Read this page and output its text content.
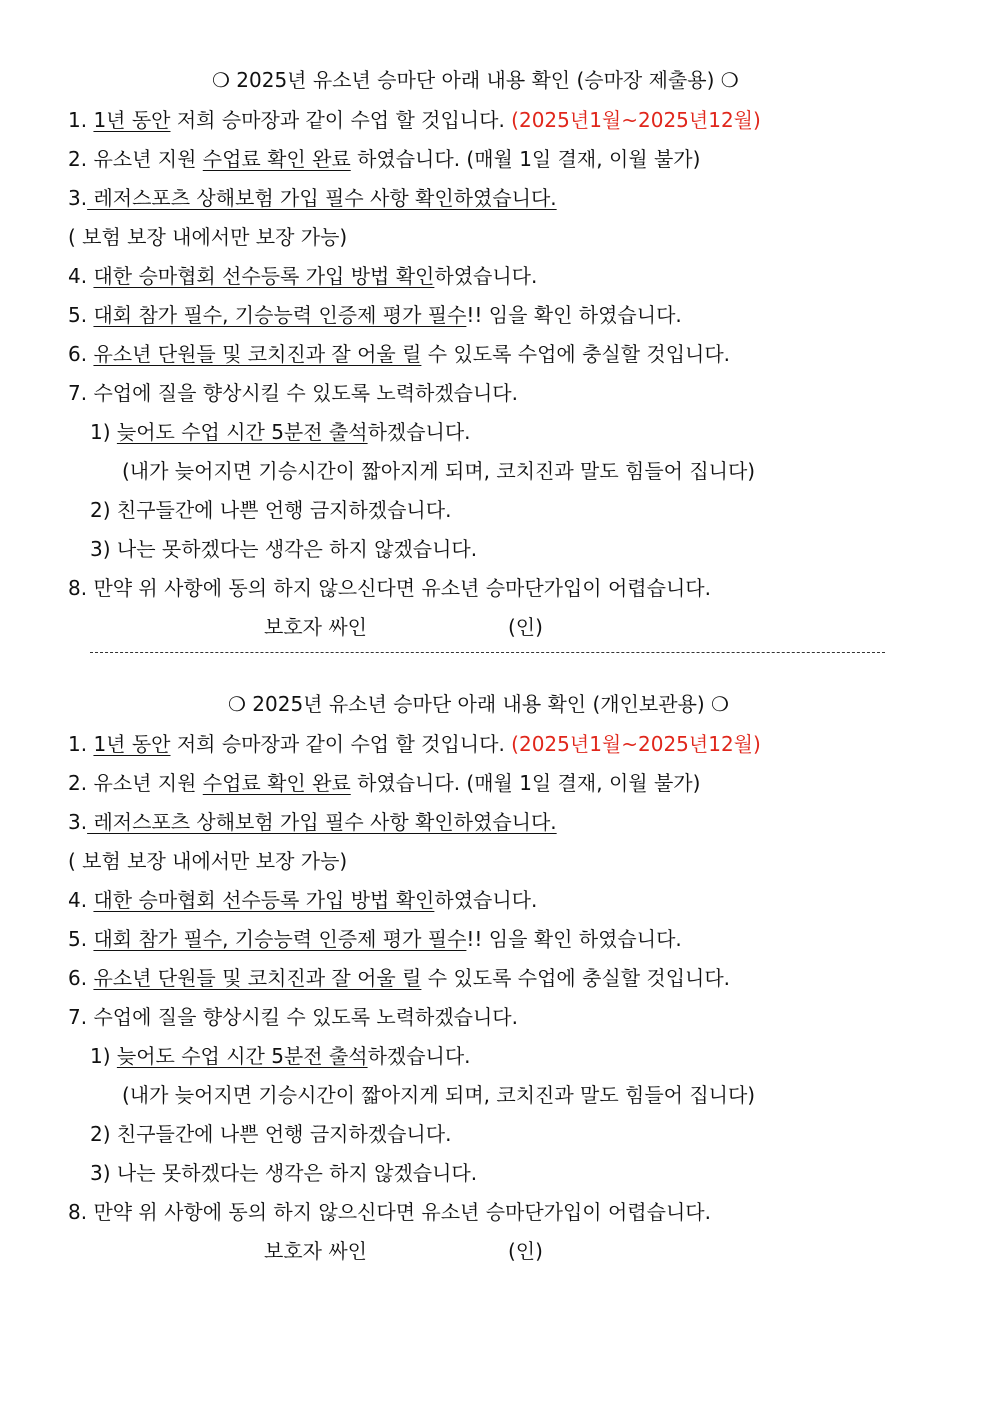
❍ 2025년 유소년 승마단 아래 내용 확인 (승마장 제출용) ❍
1. 1년 동안 저희 승마장과 같이 수업 할 것입니다. (2025년1월~2025년12월)
2. 유소년 지원 수업료 확인 완료 하였습니다. (매월 1일 결재, 이월 불가)
3. 레저스포츠 상해보험 가입 필수 사항 확인하였습니다.
( 보험 보장 내에서만 보장 가능)
4. 대한 승마협회 선수등록 가입 방법 확인하였습니다.
5. 대회 참가 필수, 기승능력 인증제 평가 필수!! 임을 확인 하였습니다.
6. 유소년 단원들 및 코치진과 잘 어울 릴 수 있도록 수업에 충실할 것입니다.
7. 수업에 질을 향상시킬 수 있도록 노력하겠습니다.
1) 늦어도 수업 시간 5분전 출석하겠습니다.
(내가 늦어지면 기승시간이 짧아지게 되며, 코치진과 말도 힘들어 집니다)
2) 친구들간에 나쁜 언행 금지하겠습니다.
3) 나는 못하겠다는 생각은 하지 않겠습니다.
8. 만약 위 사항에 동의 하지 않으신다면 유소년 승마단가입이 어렵습니다.
보호자 싸인	(인)
❍ 2025년 유소년 승마단 아래 내용 확인 (개인보관용) ❍
1. 1년 동안 저희 승마장과 같이 수업 할 것입니다. (2025년1월~2025년12월)
2. 유소년 지원 수업료 확인 완료 하였습니다. (매월 1일 결재, 이월 불가)
3. 레저스포츠 상해보험 가입 필수 사항 확인하였습니다.
( 보험 보장 내에서만 보장 가능)
4. 대한 승마협회 선수등록 가입 방법 확인하였습니다.
5. 대회 참가 필수, 기승능력 인증제 평가 필수!! 임을 확인 하였습니다.
6. 유소년 단원들 및 코치진과 잘 어울 릴 수 있도록 수업에 충실할 것입니다.
7. 수업에 질을 향상시킬 수 있도록 노력하겠습니다.
1) 늦어도 수업 시간 5분전 출석하겠습니다.
(내가 늦어지면 기승시간이 짧아지게 되며, 코치진과 말도 힘들어 집니다)
2) 친구들간에 나쁜 언행 금지하겠습니다.
3) 나는 못하겠다는 생각은 하지 않겠습니다.
8. 만약 위 사항에 동의 하지 않으신다면 유소년 승마단가입이 어렵습니다.
보호자 싸인	(인)
